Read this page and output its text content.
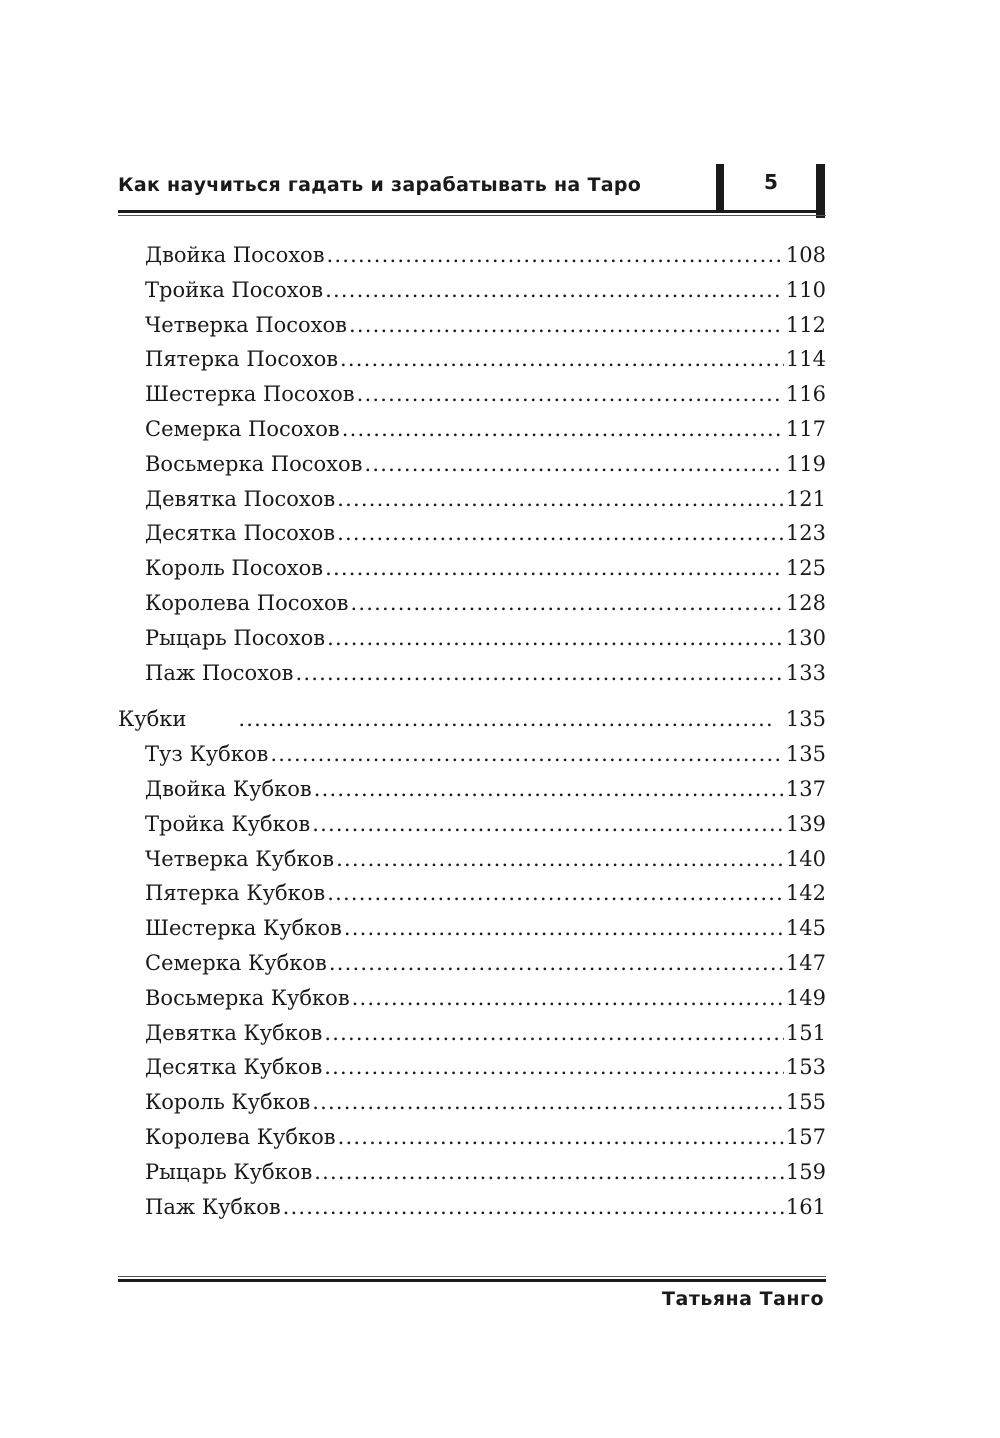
Как научиться гадать и зарабатывать на Таро	5
Двойка Посохов .....	108
Тройка Посохов .....	110
Четверка Посохов .....	112
Пятерка Посохов .....	114
Шестерка Посохов .....	116
Семерка Посохов .....	117
Восьмерка Посохов .....	119
Девятка Посохов .....	121
Десятка Посохов .....	123
Король Посохов .....	125
Королева Посохов .....	128
Рыцарь Посохов .....	130
Паж Посохов .....	133
Кубки .....	135
Туз Кубков .....	135
Двойка Кубков .....	137
Тройка Кубков .....	139
Четверка Кубков .....	140
Пятерка Кубков .....	142
Шестерка Кубков .....	145
Семерка Кубков .....	147
Восьмерка Кубков .....	149
Девятка Кубков .....	151
Десятка Кубков .....	153
Король Кубков .....	155
Королева Кубков .....	157
Рыцарь Кубков .....	159
Паж Кубков .....	161
Татьяна Танго
